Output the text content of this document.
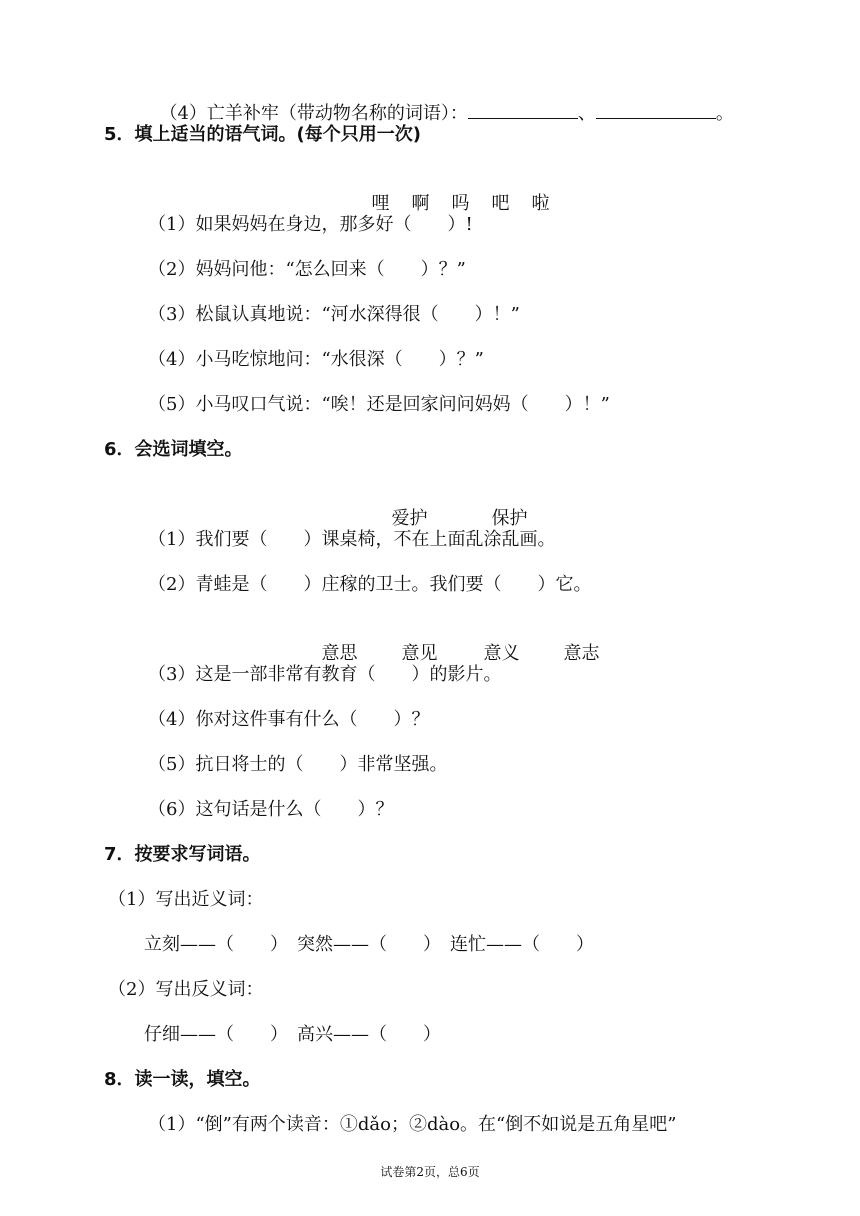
（4）亡羊补牢（带动物名称的词语）：	、	。

5．填上适当的语气词。(每个只用一次)

哩 啊 吗 吧 啦

（1）如果妈妈在身边，那多好（　　）!
（2）妈妈问他：“怎么回来（　　）？”
（3）松鼠认真地说：“河水深得很（　　）！”
（4）小马吃惊地问：“水很深（　　）？”
（5）小马叹口气说：“唉！还是回家问问妈妈（　　）！”
6．会选词填空。

爱护	保护

（1）我们要（　　）课桌椅，不在上面乱涂乱画。
（2）青蛙是（　　）庄稼的卫士。我们要（　　）它。

意思 意见	意义 意志

（3）这是一部非常有教育（　　）的影片。
（4）你对这件事有什么（　　）？
（5）抗日将士的（　　）非常坚强。
（6）这句话是什么（　　）？
7．按要求写词语。
（1）写出近义词：
立刻——（　　）　突然——（　　）　连忙——（　　）
（2）写出反义词：
仔细——（　　）　高兴——（　　）
8．读一读，填空。
（1）“倒”有两个读音：①dǎo；②dào。在“倒不如说是五角星吧”
试卷第2页，总6页
